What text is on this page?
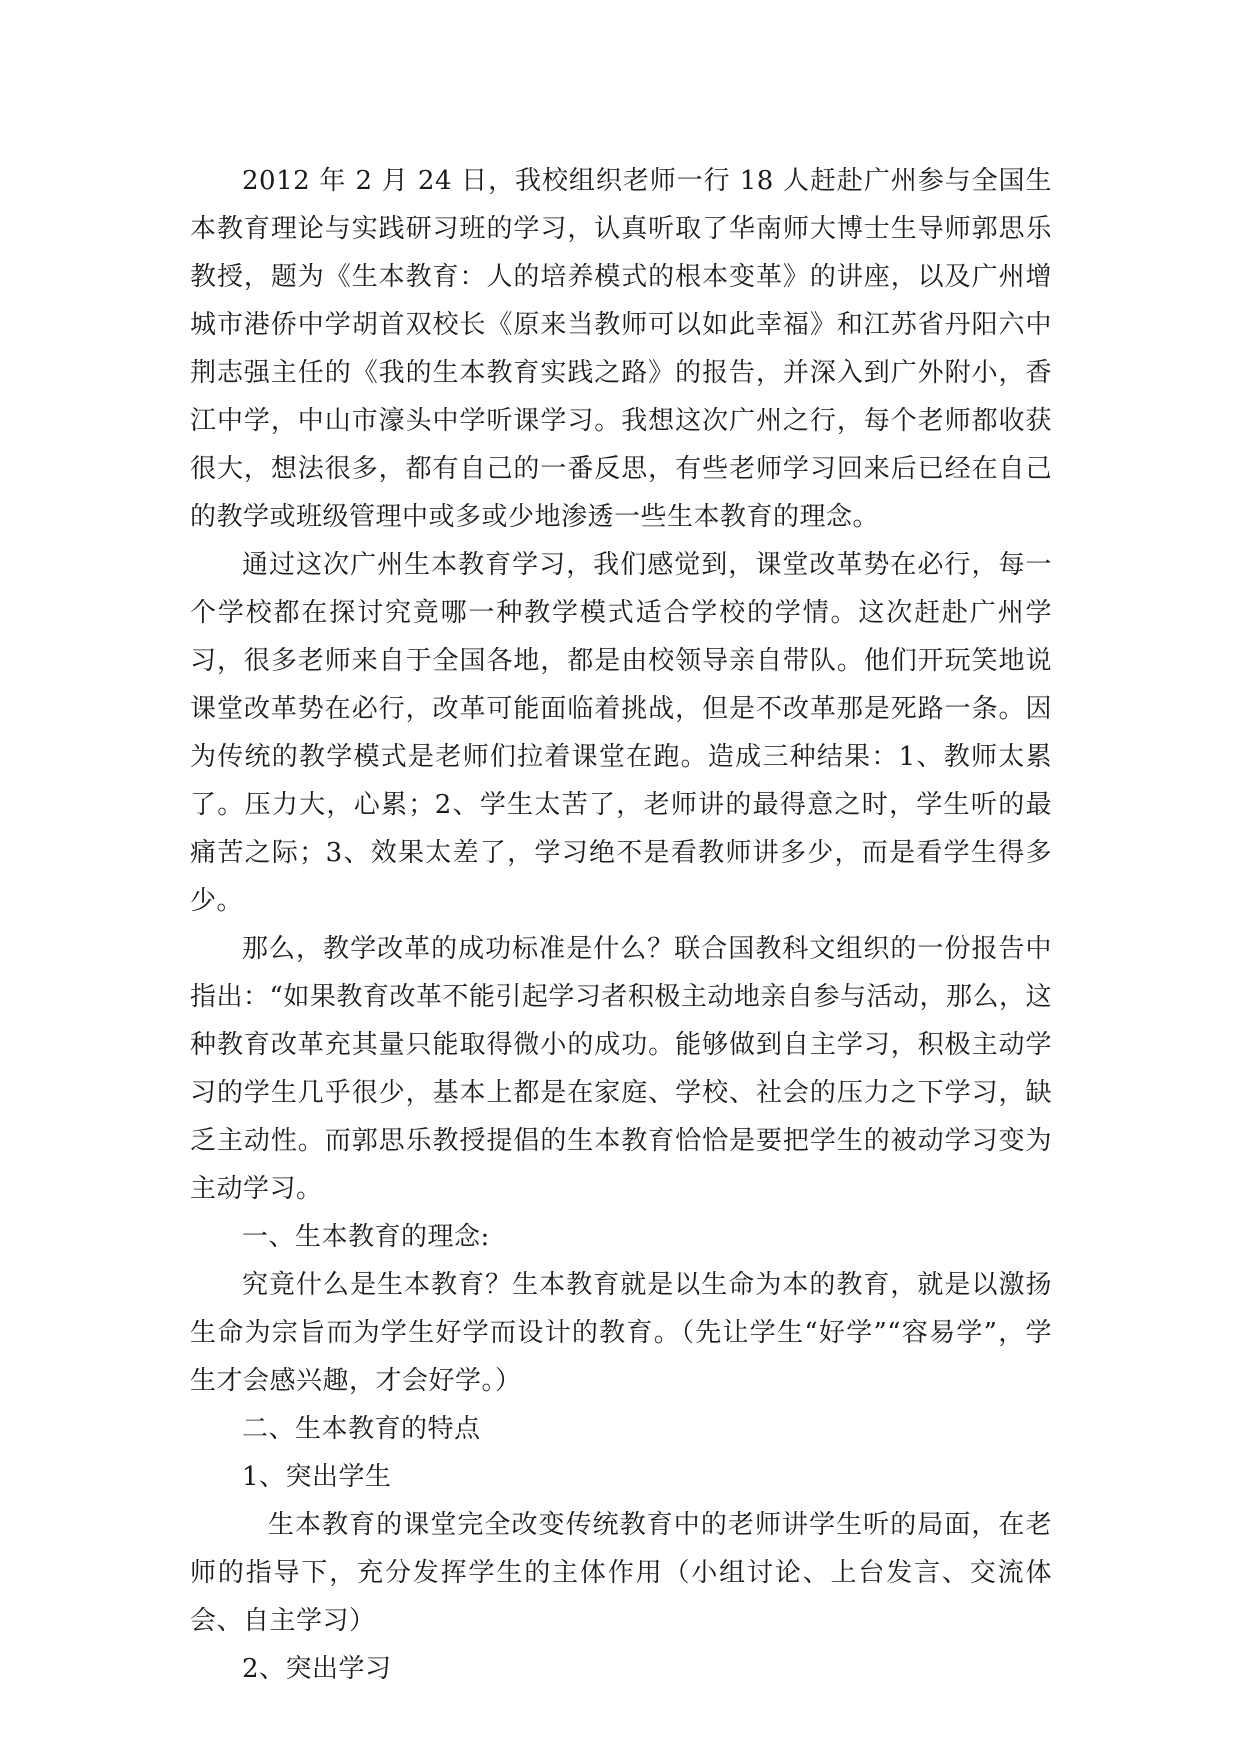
2012 年 2 月 24 日，我校组织老师一行 18 人赶赴广州参与全国生本教育理论与实践研习班的学习，认真听取了华南师大博士生导师郭思乐教授，题为《生本教育：人的培养模式的根本变革》的讲座，以及广州增城市港侨中学胡首双校长《原来当教师可以如此幸福》和江苏省丹阳六中荆志强主任的《我的生本教育实践之路》的报告，并深入到广外附小，香江中学，中山市濠头中学听课学习。我想这次广州之行，每个老师都收获很大，想法很多，都有自己的一番反思，有些老师学习回来后已经在自己的教学或班级管理中或多或少地渗透一些生本教育的理念。

通过这次广州生本教育学习，我们感觉到，课堂改革势在必行，每一个学校都在探讨究竟哪一种教学模式适合学校的学情。这次赶赴广州学习，很多老师来自于全国各地，都是由校领导亲自带队。他们开玩笑地说课堂改革势在必行，改革可能面临着挑战，但是不改革那是死路一条。因为传统的教学模式是老师们拉着课堂在跑。造成三种结果：1、教师太累了。压力大，心累；2、学生太苦了，老师讲的最得意之时，学生听的最痛苦之际；3、效果太差了，学习绝不是看教师讲多少，而是看学生得多少。

那么，教学改革的成功标准是什么？联合国教科文组织的一份报告中指出：“如果教育改革不能引起学习者积极主动地亲自参与活动，那么，这种教育改革充其量只能取得微小的成功。能够做到自主学习，积极主动学习的学生几乎很少，基本上都是在家庭、学校、社会的压力之下学习，缺乏主动性。而郭思乐教授提倡的生本教育恰恰是要把学生的被动学习变为主动学习。

一、生本教育的理念:

究竟什么是生本教育？生本教育就是以生命为本的教育，就是以激扬生命为宗旨而为学生好学而设计的教育。（先让学生“好学”“容易学”，学生才会感兴趣，才会好学。）

二、生本教育的特点

1、突出学生

生本教育的课堂完全改变传统教育中的老师讲学生听的局面，在老师的指导下，充分发挥学生的主体作用（小组讨论、上台发言、交流体会、自主学习）

2、突出学习
